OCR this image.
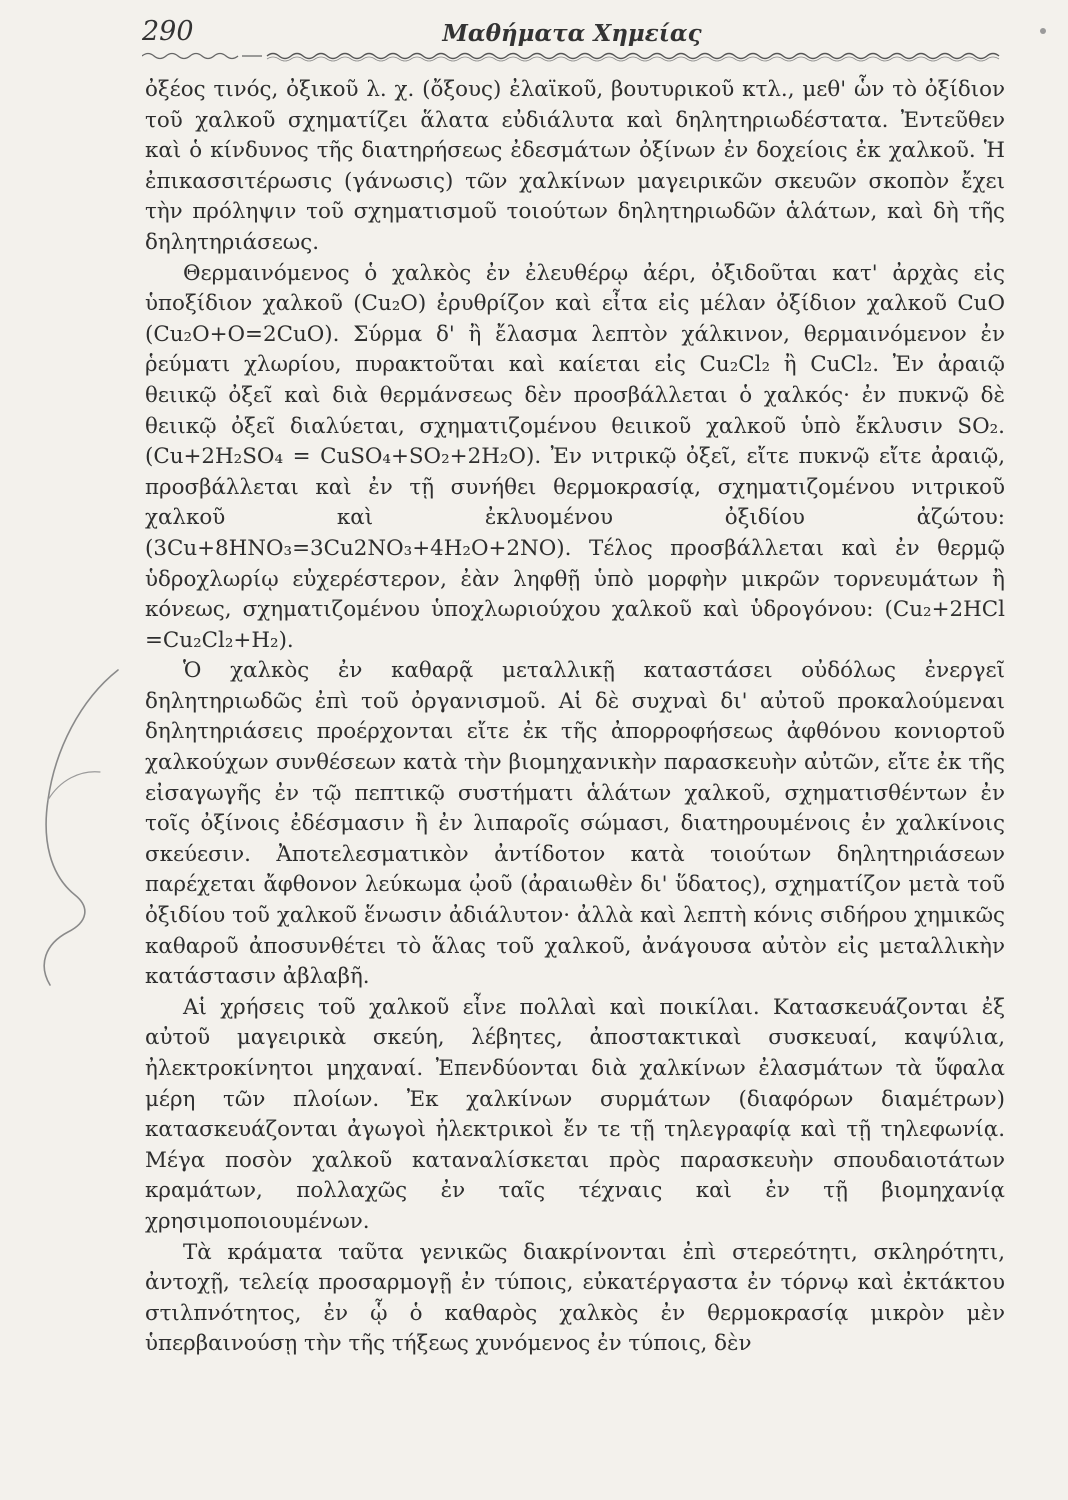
290	Μαθήματα Χημείας

ὀξέος τινός, ὀξικοῦ λ. χ. (ὄξους) ἐλαϊκοῦ, βουτυρικοῦ κτλ., μεθ' ὧν τὸ ὀξίδιον τοῦ χαλκοῦ σχηματίζει ἅλατα εὐδιάλυτα καὶ δηλητηριωδέστατα. Ἐντεῦθεν καὶ ὁ κίνδυνος τῆς διατηρήσεως ἐδεσμάτων ὀξίνων ἐν δοχείοις ἐκ χαλκοῦ. Ἡ ἐπικασσιτέρωσις (γάνωσις) τῶν χαλκίνων μαγειρικῶν σκευῶν σκοπὸν ἔχει τὴν πρόληψιν τοῦ σχηματισμοῦ τοιούτων δηλητηριωδῶν ἁλάτων, καὶ δὴ τῆς δηλητηριάσεως.

Θερμαινόμενος ὁ χαλκὸς ἐν ἐλευθέρῳ ἀέρι, ὀξιδοῦται κατ' ἀρχὰς εἰς ὑποξίδιον χαλκοῦ (Cu₂O) ἐρυθρίζον καὶ εἶτα εἰς μέλαν ὀξίδιον χαλκοῦ CuO (Cu₂O+O=2CuO). Σύρμα δ' ἢ ἔλασμα λεπτὸν χάλκινον, θερμαινόμενον ἐν ῥεύματι χλωρίου, πυρακτοῦται καὶ καίεται εἰς Cu₂Cl₂ ἢ CuCl₂. Ἐν ἀραιῷ θειικῷ ὀξεῖ καὶ διὰ θερμάνσεως δὲν προσβάλλεται ὁ χαλκός· ἐν πυκνῷ δὲ θειικῷ ὀξεῖ διαλύεται, σχηματιζομένου θειικοῦ χαλκοῦ ὑπὸ ἔκλυσιν SO₂. (Cu+2H₂SO₄ = CuSO₄+SO₂+2H₂O). Ἐν νιτρικῷ ὀξεῖ, εἴτε πυκνῷ εἴτε ἀραιῷ, προσβάλλεται καὶ ἐν τῇ συνήθει θερμοκρασίᾳ, σχηματιζομένου νιτρικοῦ χαλκοῦ καὶ ἐκλυομένου ὀξιδίου ἀζώτου: (3Cu+8HNO₃=3Cu2NO₃+4H₂O+2NO). Τέλος προσβάλλεται καὶ ἐν θερμῷ ὑδροχλωρίῳ εὐχερέστερον, ἐὰν ληφθῇ ὑπὸ μορφὴν μικρῶν τορνευμάτων ἢ κόνεως, σχηματιζομένου ὑποχλωριούχου χαλκοῦ καὶ ὑδρογόνου: (Cu₂+2HCl =Cu₂Cl₂+H₂).

Ὁ χαλκὸς ἐν καθαρᾷ μεταλλικῇ καταστάσει οὐδόλως ἐνεργεῖ δηλητηριωδῶς ἐπὶ τοῦ ὀργανισμοῦ. Αἱ δὲ συχναὶ δι' αὐτοῦ προκαλούμεναι δηλητηριάσεις προέρχονται εἴτε ἐκ τῆς ἀπορροφήσεως ἀφθόνου κονιορτοῦ χαλκούχων συνθέσεων κατὰ τὴν βιομηχανικὴν παρασκευὴν αὐτῶν, εἴτε ἐκ τῆς εἰσαγωγῆς ἐν τῷ πεπτικῷ συστήματι ἁλάτων χαλκοῦ, σχηματισθέντων ἐν τοῖς ὀξίνοις ἐδέσμασιν ἢ ἐν λιπαροῖς σώμασι, διατηρουμένοις ἐν χαλκίνοις σκεύεσιν. Ἀποτελεσματικὸν ἀντίδοτον κατὰ τοιούτων δηλητηριάσεων παρέχεται ἄφθονον λεύκωμα ᾠοῦ (ἀραιωθὲν δι' ὕδατος), σχηματίζον μετὰ τοῦ ὀξιδίου τοῦ χαλκοῦ ἕνωσιν ἀδιάλυτον· ἀλλὰ καὶ λεπτὴ κόνις σιδήρου χημικῶς καθαροῦ ἀποσυνθέτει τὸ ἅλας τοῦ χαλκοῦ, ἀνάγουσα αὐτὸν εἰς μεταλλικὴν κατάστασιν ἀβλαβῆ.

Αἱ χρήσεις τοῦ χαλκοῦ εἶνε πολλαὶ καὶ ποικίλαι. Κατασκευάζονται ἐξ αὐτοῦ μαγειρικὰ σκεύη, λέβητες, ἀποστακτικαὶ συσκευαί, καψύλια, ἠλεκτροκίνητοι μηχαναί. Ἐπενδύονται διὰ χαλκίνων ἐλασμάτων τὰ ὕφαλα μέρη τῶν πλοίων. Ἐκ χαλκίνων συρμάτων (διαφόρων διαμέτρων) κατασκευάζονται ἀγωγοὶ ἠλεκτρικοὶ ἔν τε τῇ τηλεγραφίᾳ καὶ τῇ τηλεφωνίᾳ. Μέγα ποσὸν χαλκοῦ καταναλίσκεται πρὸς παρασκευὴν σπουδαιοτάτων κραμάτων, πολλαχῶς ἐν ταῖς τέχναις καὶ ἐν τῇ βιομηχανίᾳ χρησιμοποιουμένων.

Τὰ κράματα ταῦτα γενικῶς διακρίνονται ἐπὶ στερεότητι, σκληρότητι, ἀντοχῇ, τελείᾳ προσαρμογῇ ἐν τύποις, εὐκατέργαστα ἐν τόρνῳ καὶ ἐκτάκτου στιλπνότητος, ἐν ᾧ ὁ καθαρὸς χαλκὸς ἐν θερμοκρασίᾳ μικρὸν μὲν ὑπερβαινούσῃ τὴν τῆς τήξεως χυνόμενος ἐν τύποις, δὲν
